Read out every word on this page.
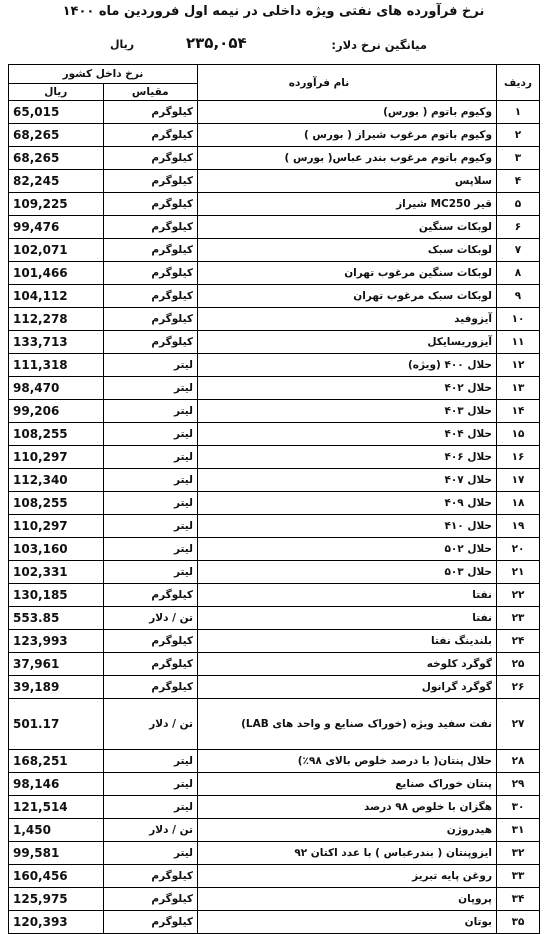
نرخ فرآورده های نفتی ویژه داخلی در نیمه اول فروردین ماه ۱۴۰۰
میانگین نرخ دلار:
۲۳۵,۰۵۴
ریال
ردیف	نام فرآورده	نرخ داخل کشور	
		مقیاس	ریال
۱	وکیوم باتوم ( بورس)	کیلوگرم	65,015
۲	وکیوم باتوم مرغوب شیراز ( بورس )	کیلوگرم	68,265
۳	وکیوم باتوم مرغوب بندر عباس( بورس )	کیلوگرم	68,265
۴	سلاپس	کیلوگرم	82,245
۵	قیر MC250 شیراز	کیلوگرم	109,225
۶	لوبکات سنگین	کیلوگرم	99,476
۷	لوبکات سبک	کیلوگرم	102,071
۸	لوبکات سنگین مرغوب تهران	کیلوگرم	101,466
۹	لوبکات سبک مرغوب تهران	کیلوگرم	104,112
۱۰	آیزوفید	کیلوگرم	112,278
۱۱	آیزوریسایکل	کیلوگرم	133,713
۱۲	حلال ۴۰۰ (ویژه)	لیتر	111,318
۱۳	حلال ۴۰۲	لیتر	98,470
۱۴	حلال ۴۰۳	لیتر	99,206
۱۵	حلال ۴۰۴	لیتر	108,255
۱۶	حلال ۴۰۶	لیتر	110,297
۱۷	حلال ۴۰۷	لیتر	112,340
۱۸	حلال ۴۰۹	لیتر	108,255
۱۹	حلال ۴۱۰	لیتر	110,297
۲۰	حلال ۵۰۲	لیتر	103,160
۲۱	حلال ۵۰۳	لیتر	102,331
۲۲	نفتا	کیلوگرم	130,185
۲۳	نفتا	تن / دلار	553.85
۲۴	بلندینگ نفتا	کیلوگرم	123,993
۲۵	گوگرد کلوخه	کیلوگرم	37,961
۲۶	گوگرد گرانول	کیلوگرم	39,189
۲۷	نفت سفید ویژه (خوراک صنایع و واحد های LAB)	تن / دلار	501.17
۲۸	حلال پنتان( با درصد خلوص بالای ۹۸٪)	لیتر	168,251
۲۹	پنتان خوراک صنایع	لیتر	98,146
۳۰	هگزان با خلوص ۹۸ درصد	لیتر	121,514
۳۱	هیدروژن	تن / دلار	1,450
۳۲	ایزوپنتان ( بندرعباس ) با عدد اکتان ۹۲	لیتر	99,581
۳۳	روغن پایه تبریز	کیلوگرم	160,456
۳۴	پروپان	کیلوگرم	125,975
۳۵	بوتان	کیلوگرم	120,393
